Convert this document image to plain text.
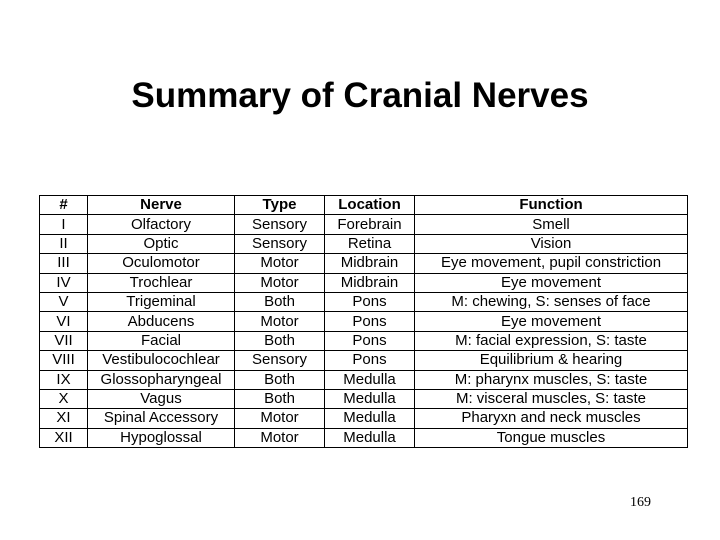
Summary of Cranial Nerves
#	Nerve	Type	Location	Function
I	Olfactory	Sensory	Forebrain	Smell
II	Optic	Sensory	Retina	Vision
III	Oculomotor	Motor	Midbrain	Eye movement, pupil constriction
IV	Trochlear	Motor	Midbrain	Eye movement
V	Trigeminal	Both	Pons	M: chewing, S: senses of face
VI	Abducens	Motor	Pons	Eye movement
VII	Facial	Both	Pons	M: facial expression, S: taste
VIII	Vestibulocochlear	Sensory	Pons	Equilibrium & hearing
IX	Glossopharyngeal	Both	Medulla	M: pharynx muscles, S: taste
X	Vagus	Both	Medulla	M: visceral muscles, S: taste
XI	Spinal Accessory	Motor	Medulla	Pharyxn and neck muscles
XII	Hypoglossal	Motor	Medulla	Tongue muscles
169
